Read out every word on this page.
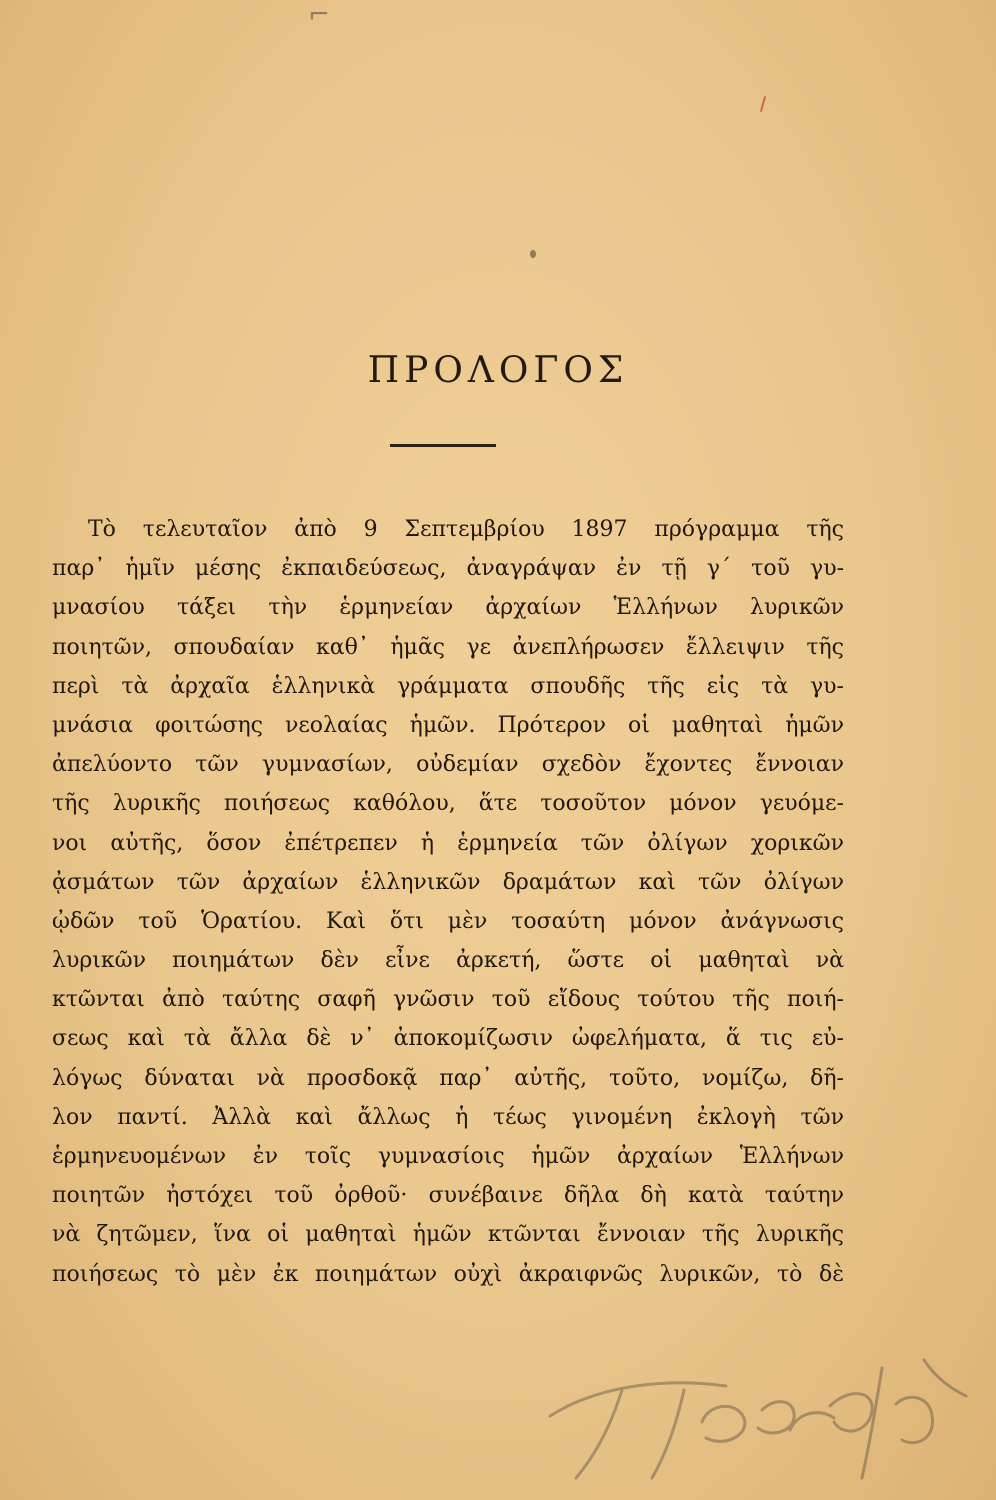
⌐
ΠΡΟΛΟΓΟΣ
Τὸ τελευταῖον ἀπὸ 9 Σεπτεμβρίου 1897 πρόγραμμα τῆς
παρ᾿ ἡμῖν μέσης ἐκπαιδεύσεως, ἀναγράψαν ἐν τῇ γ´ τοῦ γυ-
μνασίου τάξει τὴν ἑρμηνείαν ἀρχαίων Ἑλλήνων λυρικῶν
ποιητῶν, σπουδαίαν καθ᾿ ἡμᾶς γε ἀνεπλήρωσεν ἔλλειψιν τῆς
περὶ τὰ ἀρχαῖα ἑλληνικὰ γράμματα σπουδῆς τῆς εἰς τὰ γυ-
μνάσια φοιτώσης νεολαίας ἡμῶν. Πρότερον οἱ μαθηταὶ ἡμῶν
ἀπελύοντο τῶν γυμνασίων, οὐδεμίαν σχεδὸν ἔχοντες ἔννοιαν
τῆς λυρικῆς ποιήσεως καθόλου, ἅτε τοσοῦτον μόνον γευόμε-
νοι αὐτῆς, ὅσον ἐπέτρεπεν ἡ ἑρμηνεία τῶν ὀλίγων χορικῶν
ᾀσμάτων τῶν ἀρχαίων ἑλληνικῶν δραμάτων καὶ τῶν ὀλίγων
ᾠδῶν τοῦ Ὁρατίου. Καὶ ὅτι μὲν τοσαύτη μόνον ἀνάγνωσις
λυρικῶν ποιημάτων δὲν εἶνε ἀρκετή, ὥστε οἱ μαθηταὶ νὰ
κτῶνται ἀπὸ ταύτης σαφῆ γνῶσιν τοῦ εἴδους τούτου τῆς ποιή-
σεως καὶ τὰ ἄλλα δὲ ν᾿ ἀποκομίζωσιν ὠφελήματα, ἅ τις εὐ-
λόγως δύναται νὰ προσδοκᾷ παρ᾿ αὐτῆς, τοῦτο, νομίζω, δῆ-
λον παντί. Ἀλλὰ καὶ ἄλλως ἡ τέως γινομένη ἐκλογὴ τῶν
ἑρμηνευομένων ἐν τοῖς γυμνασίοις ἡμῶν ἀρχαίων Ἑλλήνων
ποιητῶν ἠστόχει τοῦ ὀρθοῦ· συνέβαινε δῆλα δὴ κατὰ ταύτην
νὰ ζητῶμεν, ἵνα οἱ μαθηταὶ ἡμῶν κτῶνται ἔννοιαν τῆς λυρικῆς
ποιήσεως τὸ μὲν ἐκ ποιημάτων οὐχὶ ἀκραιφνῶς λυρικῶν, τὸ δὲ
